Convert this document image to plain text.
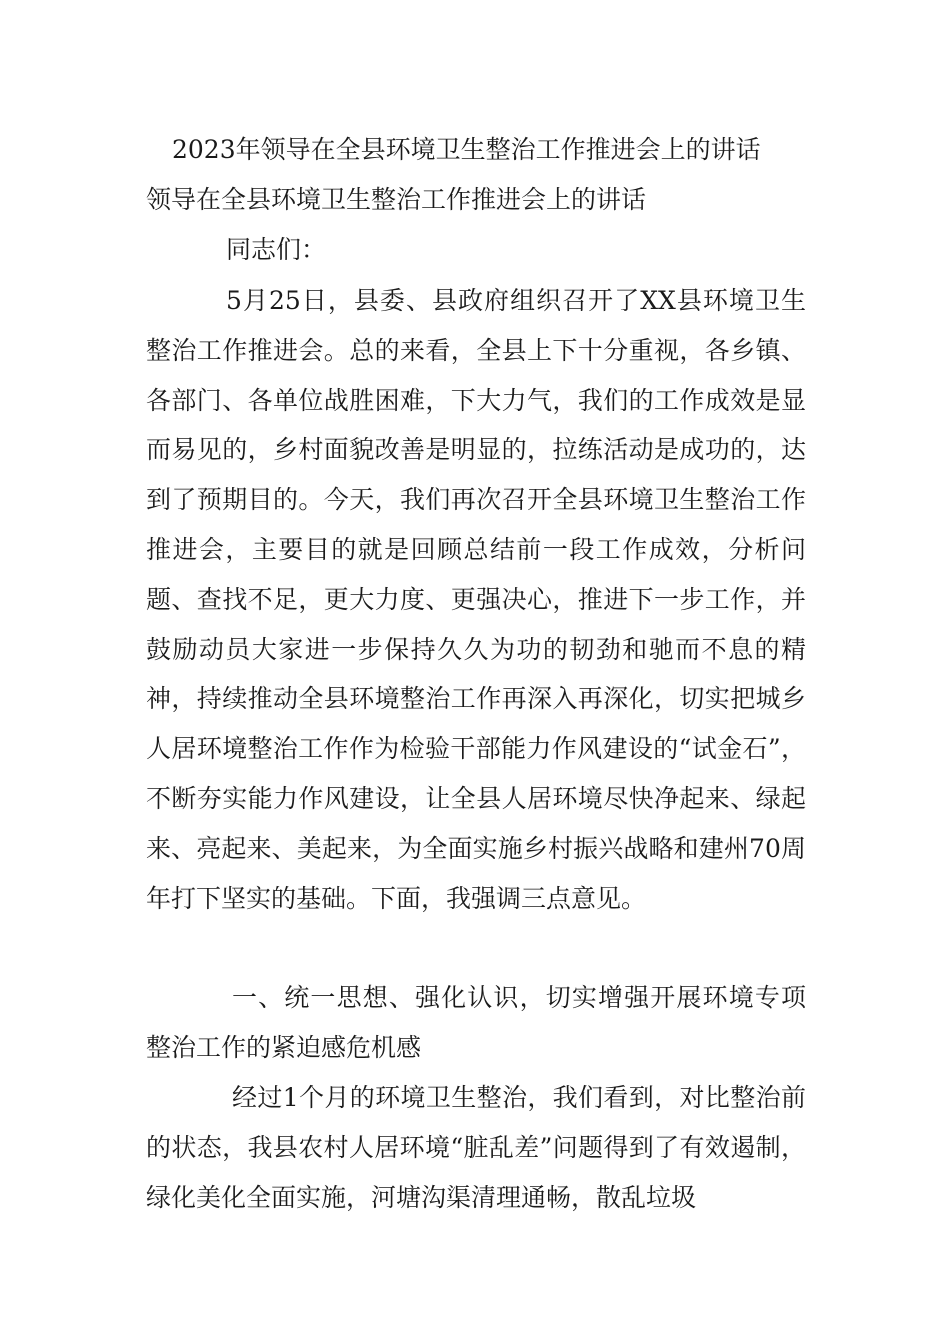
2023年领导在全县环境卫生整治工作推进会上的讲话
领导在全县环境卫生整治工作推进会上的讲话
同志们：

5月25日，县委、县政府组织召开了XX县环境卫生整治工作推进会。总的来看，全县上下十分重视，各乡镇、各部门、各单位战胜困难，下大力气，我们的工作成效是显而易见的，乡村面貌改善是明显的，拉练活动是成功的，达到了预期目的。今天，我们再次召开全县环境卫生整治工作推进会，主要目的就是回顾总结前一段工作成效，分析问题、查找不足，更大力度、更强决心，推进下一步工作，并鼓励动员大家进一步保持久久为功的韧劲和驰而不息的精神，持续推动全县环境整治工作再深入再深化，切实把城乡人居环境整治工作作为检验干部能力作风建设的“试金石”，不断夯实能力作风建设，让全县人居环境尽快净起来、绿起来、亮起来、美起来，为全面实施乡村振兴战略和建州70周年打下坚实的基础。下面，我强调三点意见。

一、统一思想、强化认识，切实增强开展环境专项整治工作的紧迫感危机感

经过1个月的环境卫生整治，我们看到，对比整治前的状态，我县农村人居环境“脏乱差”问题得到了有效遏制，绿化美化全面实施，河塘沟渠清理通畅，散乱垃圾
